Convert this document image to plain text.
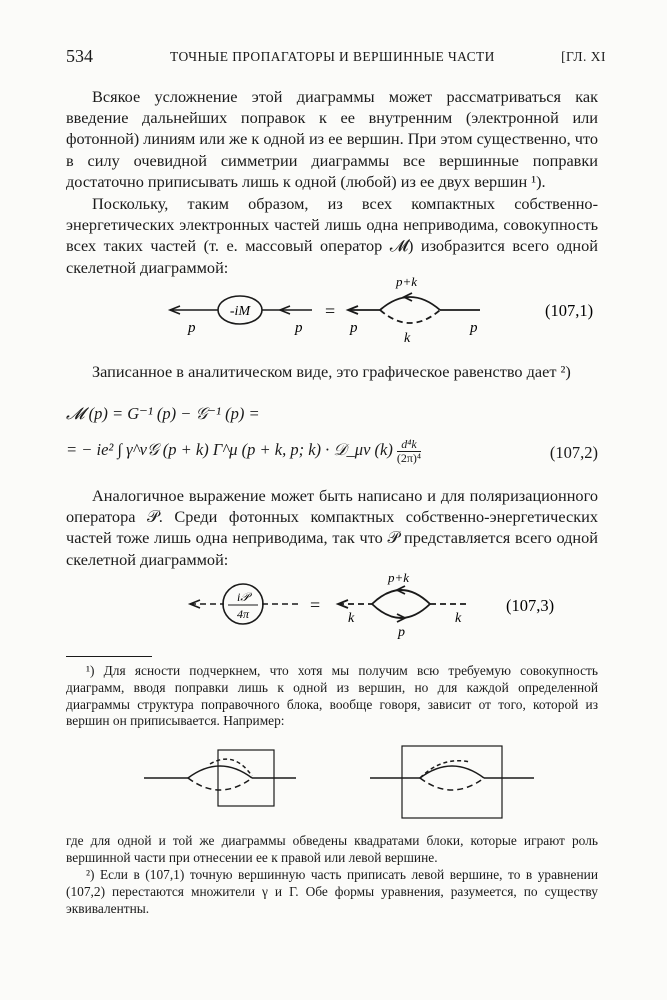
534	ТОЧНЫЕ ПРОПАГАТОРЫ И ВЕРШИННЫЕ ЧАСТИ	[ГЛ. XI

Всякое усложнение этой диаграммы может рассматриваться как введение дальнейших поправок к ее внутренним (электронной или фотонной) линиям или же к одной из ее вершин. При этом существенно, что в силу очевидной симметрии диаграммы все вершинные поправки достаточно приписывать лишь к одной (любой) из ее двух вершин ¹).

Поскольку, таким образом, из всех компактных собственно-энергетических электронных частей лишь одна неприводима, совокупность всех таких частей (т. е. массовый оператор 𝓜) изобразится всего одной скелетной диаграммой:

-iM
p	p
=
p+k
k
p	p
(107,1)

Записанное в аналитическом виде, это графическое равенство дает ²)

𝓜 (p) = G⁻¹ (p) − 𝒢⁻¹ (p) =
= − ie² ∫ γ^ν𝒢 (p + k) Γ^μ (p + k, p; k) · 𝒟_μν $(k) \frac{\text{d⁴k}}{\text{(2π)⁴}}$	(107,2)

Аналогичное выражение может быть написано и для поляризационного оператора 𝒫. Среди фотонных компактных собственно-энергетических частей тоже лишь одна неприводима, так что 𝒫 представляется всего одной скелетной диаграммой:

i𝒫
4π	=
p+k
p
k	k
(107,3)

¹) Для ясности подчеркнем, что хотя мы получим всю требуемую совокупность диаграмм, вводя поправки лишь к одной из вершин, но для каждой определенной диаграммы структура поправочного блока, вообще говоря, зависит от того, которой из вершин он приписывается. Например:

где для одной и той же диаграммы обведены квадратами блоки, которые играют роль вершинной части при отнесении ее к правой или левой вершине.

²) Если в (107,1) точную вершинную часть приписать левой вершине, то в уравнении (107,2) перестаются множители γ и Γ. Обе формы уравнения, разумеется, по существу эквивалентны.
